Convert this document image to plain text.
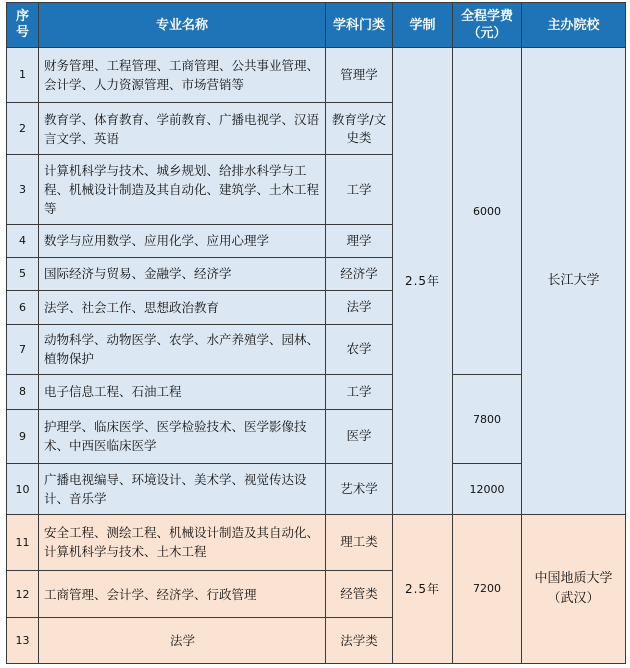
序号	专业名称	学科门类	学制	全程学费（元）	主办院校
1	财务管理、工程管理、工商管理、公共事业管理、会计学、人力资源管理、市场营销等	管理学	2.5年	6000	长江大学
2	教育学、体育教育、学前教育、广播电视学、汉语言文学、英语	教育学/文史类			
3	计算机科学与技术、城乡规划、给排水科学与工程、机械设计制造及其自动化、建筑学、土木工程等	工学			
4	数学与应用数学、应用化学、应用心理学	理学			
5	国际经济与贸易、金融学、经济学	经济学			
6	法学、社会工作、思想政治教育	法学			
7	动物科学、动物医学、农学、水产养殖学、园林、植物保护	农学			
8	电子信息工程、石油工程	工学		7800	
9	护理学、临床医学、医学检验技术、医学影像技术、中西医临床医学	医学			
10	广播电视编导、环境设计、美术学、视觉传达设计、音乐学	艺术学		12000	
11	安全工程、测绘工程、机械设计制造及其自动化、计算机科学与技术、土木工程	理工类	2.5年	7200	中国地质大学（武汉）
12	工商管理、会计学、经济学、行政管理	经管类			
13	法学	法学类			
